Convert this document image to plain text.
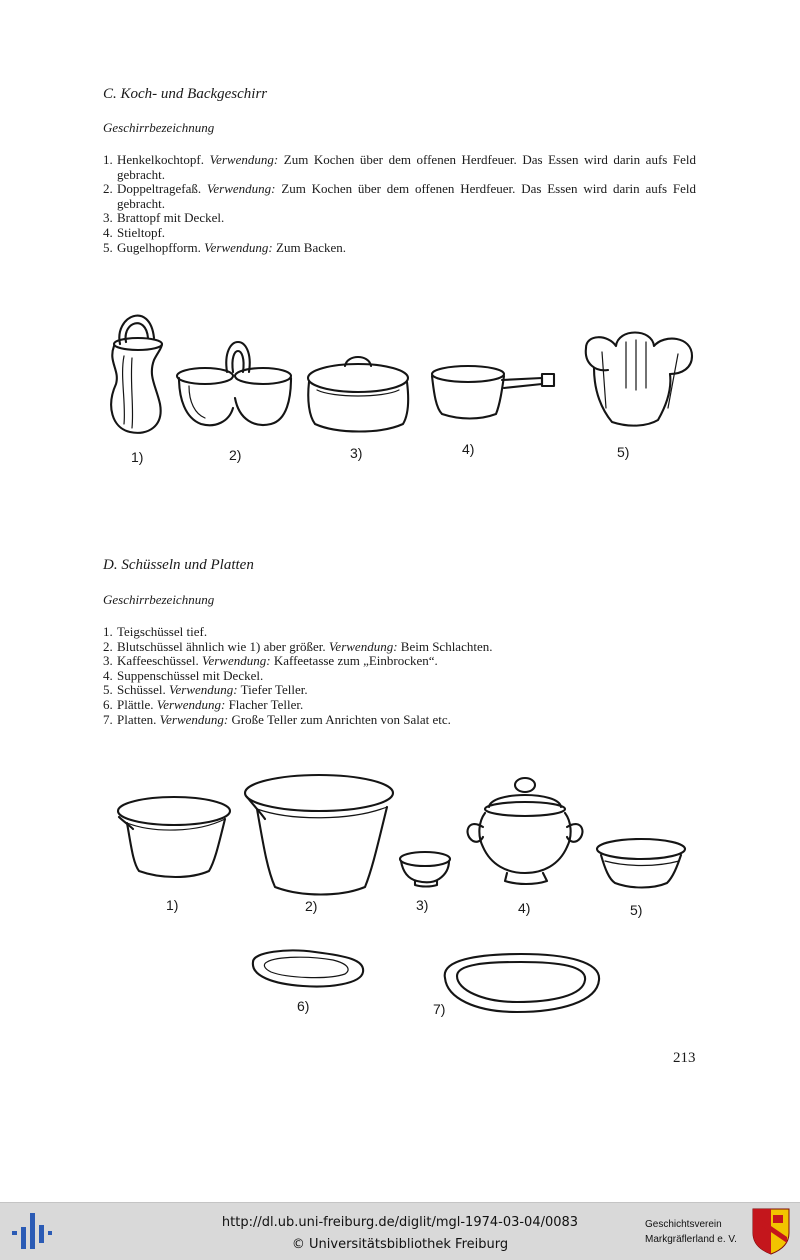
C. Koch- und Backgeschirr
Geschirrbezeichnung
1. Henkelkochtopf. Verwendung: Zum Kochen über dem offenen Herdfeuer. Das Essen wird darin aufs Feld gebracht.
2. Doppeltragefaß. Verwendung: Zum Kochen über dem offenen Herdfeuer. Das Essen wird darin aufs Feld gebracht.
3. Brattopf mit Deckel.
4. Stieltopf.
5. Gugelhopfform. Verwendung: Zum Backen.
1)	2)	3)	4)	5)
D. Schüsseln und Platten
Geschirrbezeichnung
1. Teigschüssel tief.
2. Blutschüssel ähnlich wie 1) aber größer. Verwendung: Beim Schlachten.
3. Kaffeeschüssel. Verwendung: Kaffeetasse zum „Einbrocken“.
4. Suppenschüssel mit Deckel.
5. Schüssel. Verwendung: Tiefer Teller.
6. Plättle. Verwendung: Flacher Teller.
7. Platten. Verwendung: Große Teller zum Anrichten von Salat etc.
1)	2)	3)	4)	5)
6)	7)
213
http://dl.ub.uni-freiburg.de/diglit/mgl-1974-03-04/0083
© Universitätsbibliothek Freiburg
Geschichtsverein
Markgräflerland e. V.
